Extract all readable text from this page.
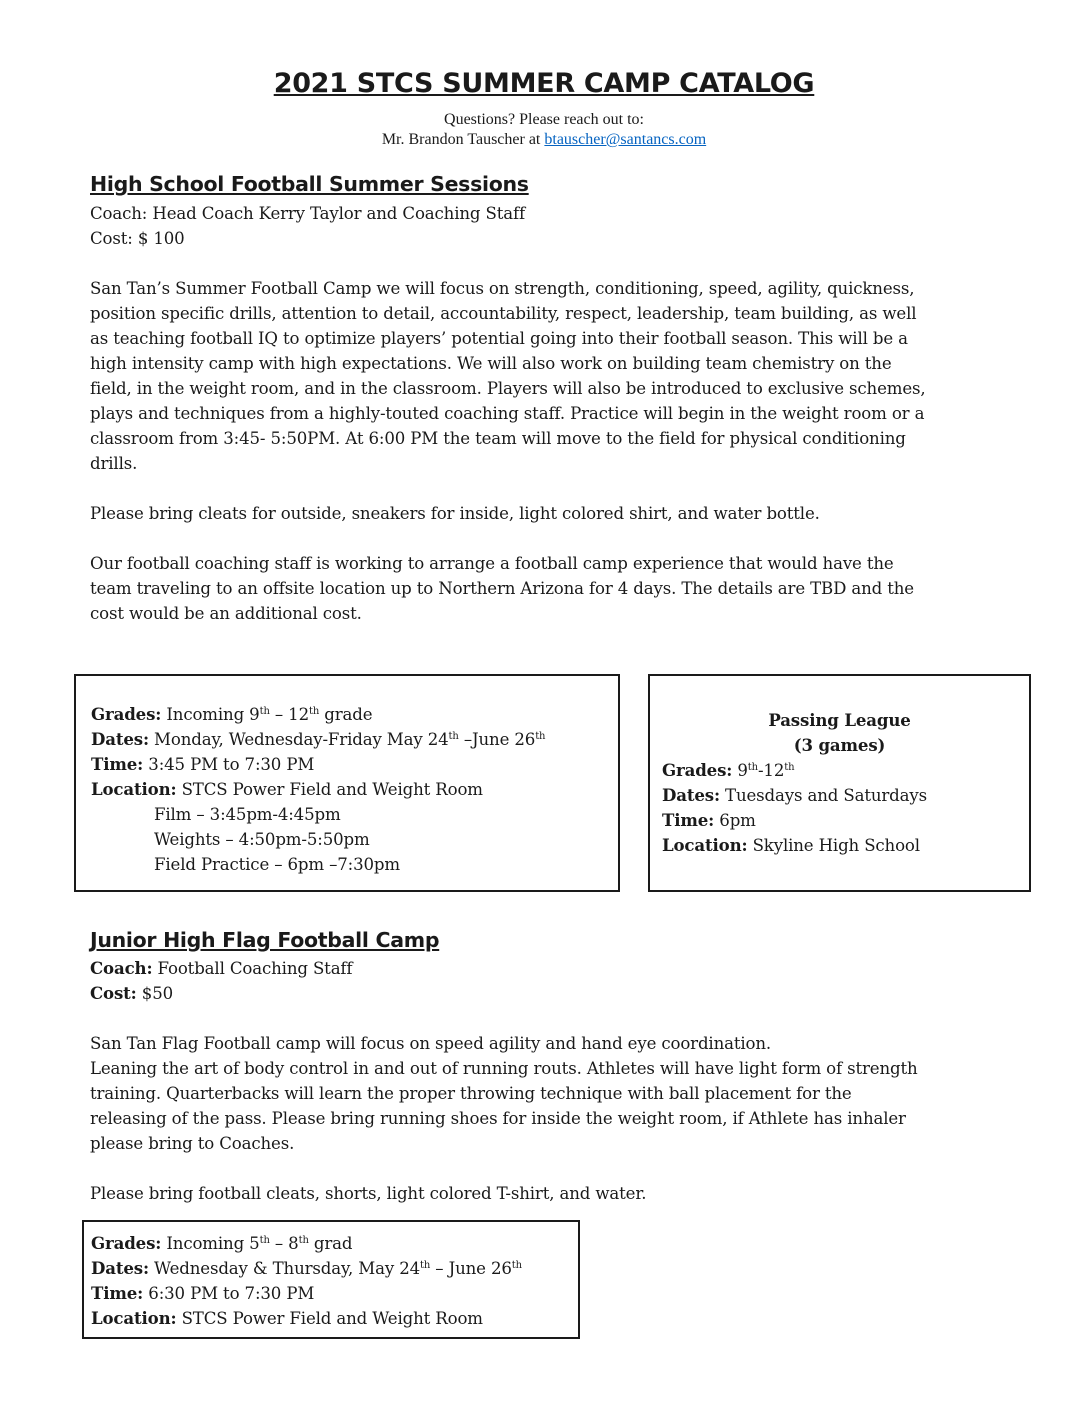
2021 STCS SUMMER CAMP CATALOG
Questions? Please reach out to:
Mr. Brandon Tauscher at btauscher@santancs.com
High School Football Summer Sessions
Coach: Head Coach Kerry Taylor and Coaching Staff
Cost: $ 100
San Tan’s Summer Football Camp we will focus on strength, conditioning, speed, agility, quickness,
position specific drills, attention to detail, accountability, respect, leadership, team building, as well
as teaching football IQ to optimize players’ potential going into their football season. This will be a
high intensity camp with high expectations. We will also work on building team chemistry on the
field, in the weight room, and in the classroom. Players will also be introduced to exclusive schemes,
plays and techniques from a highly-touted coaching staff. Practice will begin in the weight room or a
classroom from 3:45- 5:50PM. At 6:00 PM the team will move to the field for physical conditioning
drills.
Please bring cleats for outside, sneakers for inside, light colored shirt, and water bottle.
Our football coaching staff is working to arrange a football camp experience that would have the
team traveling to an offsite location up to Northern Arizona for 4 days. The details are TBD and the
cost would be an additional cost.
Grades: Incoming 9th – 12th grade
Dates: Monday, Wednesday-Friday May 24th –June 26th
Time: 3:45 PM to 7:30 PM
Location: STCS Power Field and Weight Room
Film – 3:45pm-4:45pm
Weights – 4:50pm-5:50pm
Field Practice – 6pm –7:30pm
Passing League
(3 games)
Grades: 9th-12th
Dates: Tuesdays and Saturdays
Time: 6pm
Location: Skyline High School
Junior High Flag Football Camp
Coach: Football Coaching Staff
Cost: $50
San Tan Flag Football camp will focus on speed agility and hand eye coordination.
Leaning the art of body control in and out of running routs. Athletes will have light form of strength
training. Quarterbacks will learn the proper throwing technique with ball placement for the
releasing of the pass. Please bring running shoes for inside the weight room, if Athlete has inhaler
please bring to Coaches.
Please bring football cleats, shorts, light colored T-shirt, and water.
Grades: Incoming 5th – 8th grad
Dates: Wednesday & Thursday, May 24th – June 26th
Time: 6:30 PM to 7:30 PM
Location: STCS Power Field and Weight Room
